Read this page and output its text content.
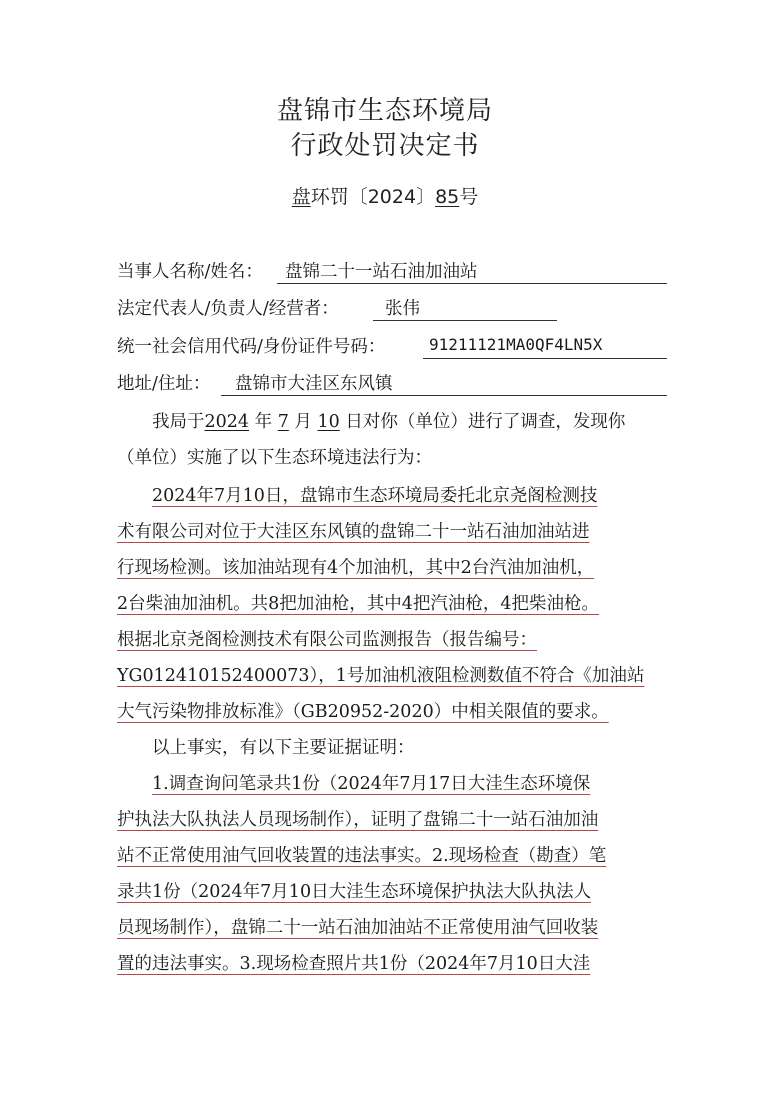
盘锦市生态环境局
行政处罚决定书
盘环罚〔2024〕85号
当事人名称/姓名： 盘锦二十一站石油加油站
法定代表人/负责人/经营者：	张伟
统一社会信用代码/身份证件号码：	91211121MA0QF4LN5X
地址/住址： 盘锦市大洼区东风镇
我局于2024 年 7 月 10 日对你（单位）进行了调查，发现你
（单位）实施了以下生态环境违法行为：
2024年7月10日，盘锦市生态环境局委托北京尧阁检测技
术有限公司对位于大洼区东风镇的盘锦二十一站石油加油站进
行现场检测。该加油站现有4个加油机，其中2台汽油加油机，
2台柴油加油机。共8把加油枪，其中4把汽油枪，4把柴油枪。
根据北京尧阁检测技术有限公司监测报告（报告编号：
YG012410152400073），1号加油机液阻检测数值不符合《加油站
大气污染物排放标准》（GB20952-2020）中相关限值的要求。
以上事实，有以下主要证据证明：
1.调查询问笔录共1份（2024年7月17日大洼生态环境保
护执法大队执法人员现场制作），证明了盘锦二十一站石油加油
站不正常使用油气回收装置的违法事实。2.现场检查（勘查）笔
录共1份（2024年7月10日大洼生态环境保护执法大队执法人
员现场制作），盘锦二十一站石油加油站不正常使用油气回收装
置的违法事实。3.现场检查照片共1份（2024年7月10日大洼
